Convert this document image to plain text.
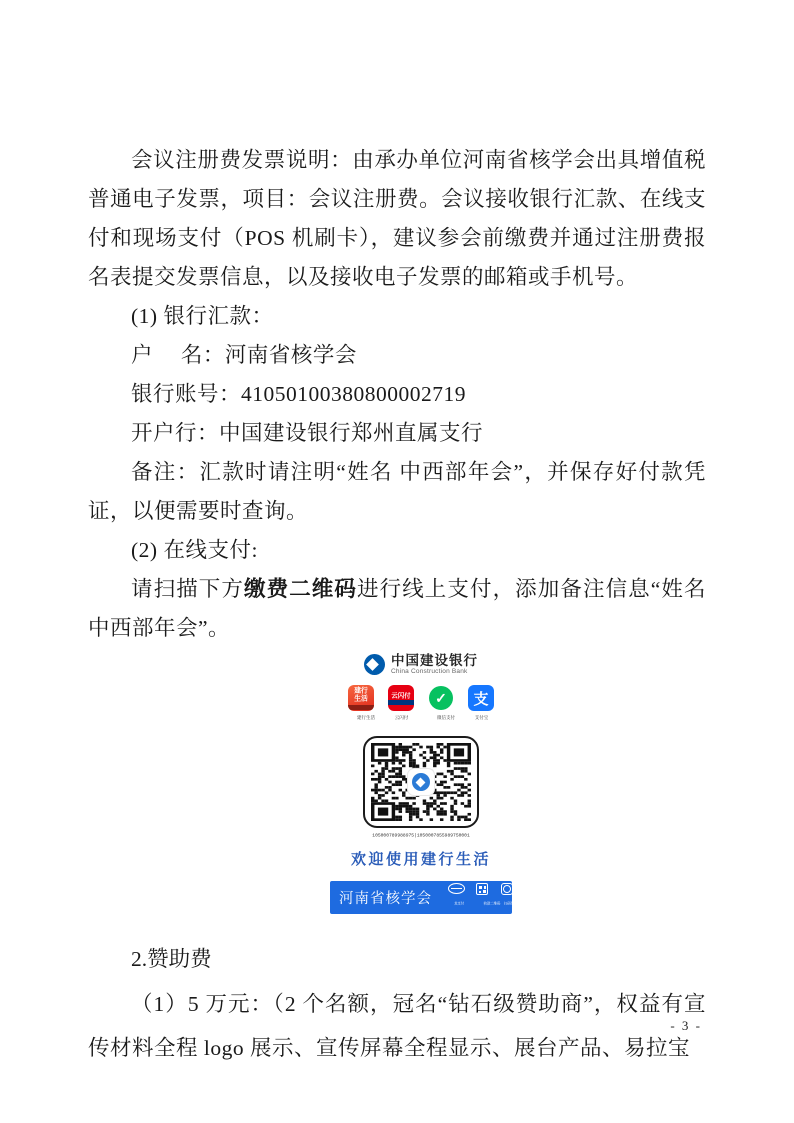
会议注册费发票说明：由承办单位河南省核学会出具增值税普通电子发票，项目：会议注册费。会议接收银行汇款、在线支付和现场支付（POS 机刷卡），建议参会前缴费并通过注册费报名表提交发票信息，以及接收电子发票的邮箱或手机号。

(1) 银行汇款：

户　 名：河南省核学会

银行账号：41050100380800002719

开户行：中国建设银行郑州直属支行

备注：汇款时请注明“姓名 中西部年会”，并保存好付款凭证，以便需要时查询。

(2) 在线支付:

请扫描下方缴费二维码进行线上支付，添加备注信息“姓名中西部年会”。

中国建设银行
China Construction Bank
建行
生活
建行生活
云闪付
云闪付
✓
微信支付
支
支付宝
105000789988975|1050007855989750001
欢迎使用建行生活
河南省核学会	龙支付	收款二维码 扫码付

2.赞助费

（1）5 万元：（2 个名额，冠名“钻石级赞助商”，权益有宣传材料全程 logo 展示、宣传屏幕全程显示、展台产品、易拉宝

- 3 -
